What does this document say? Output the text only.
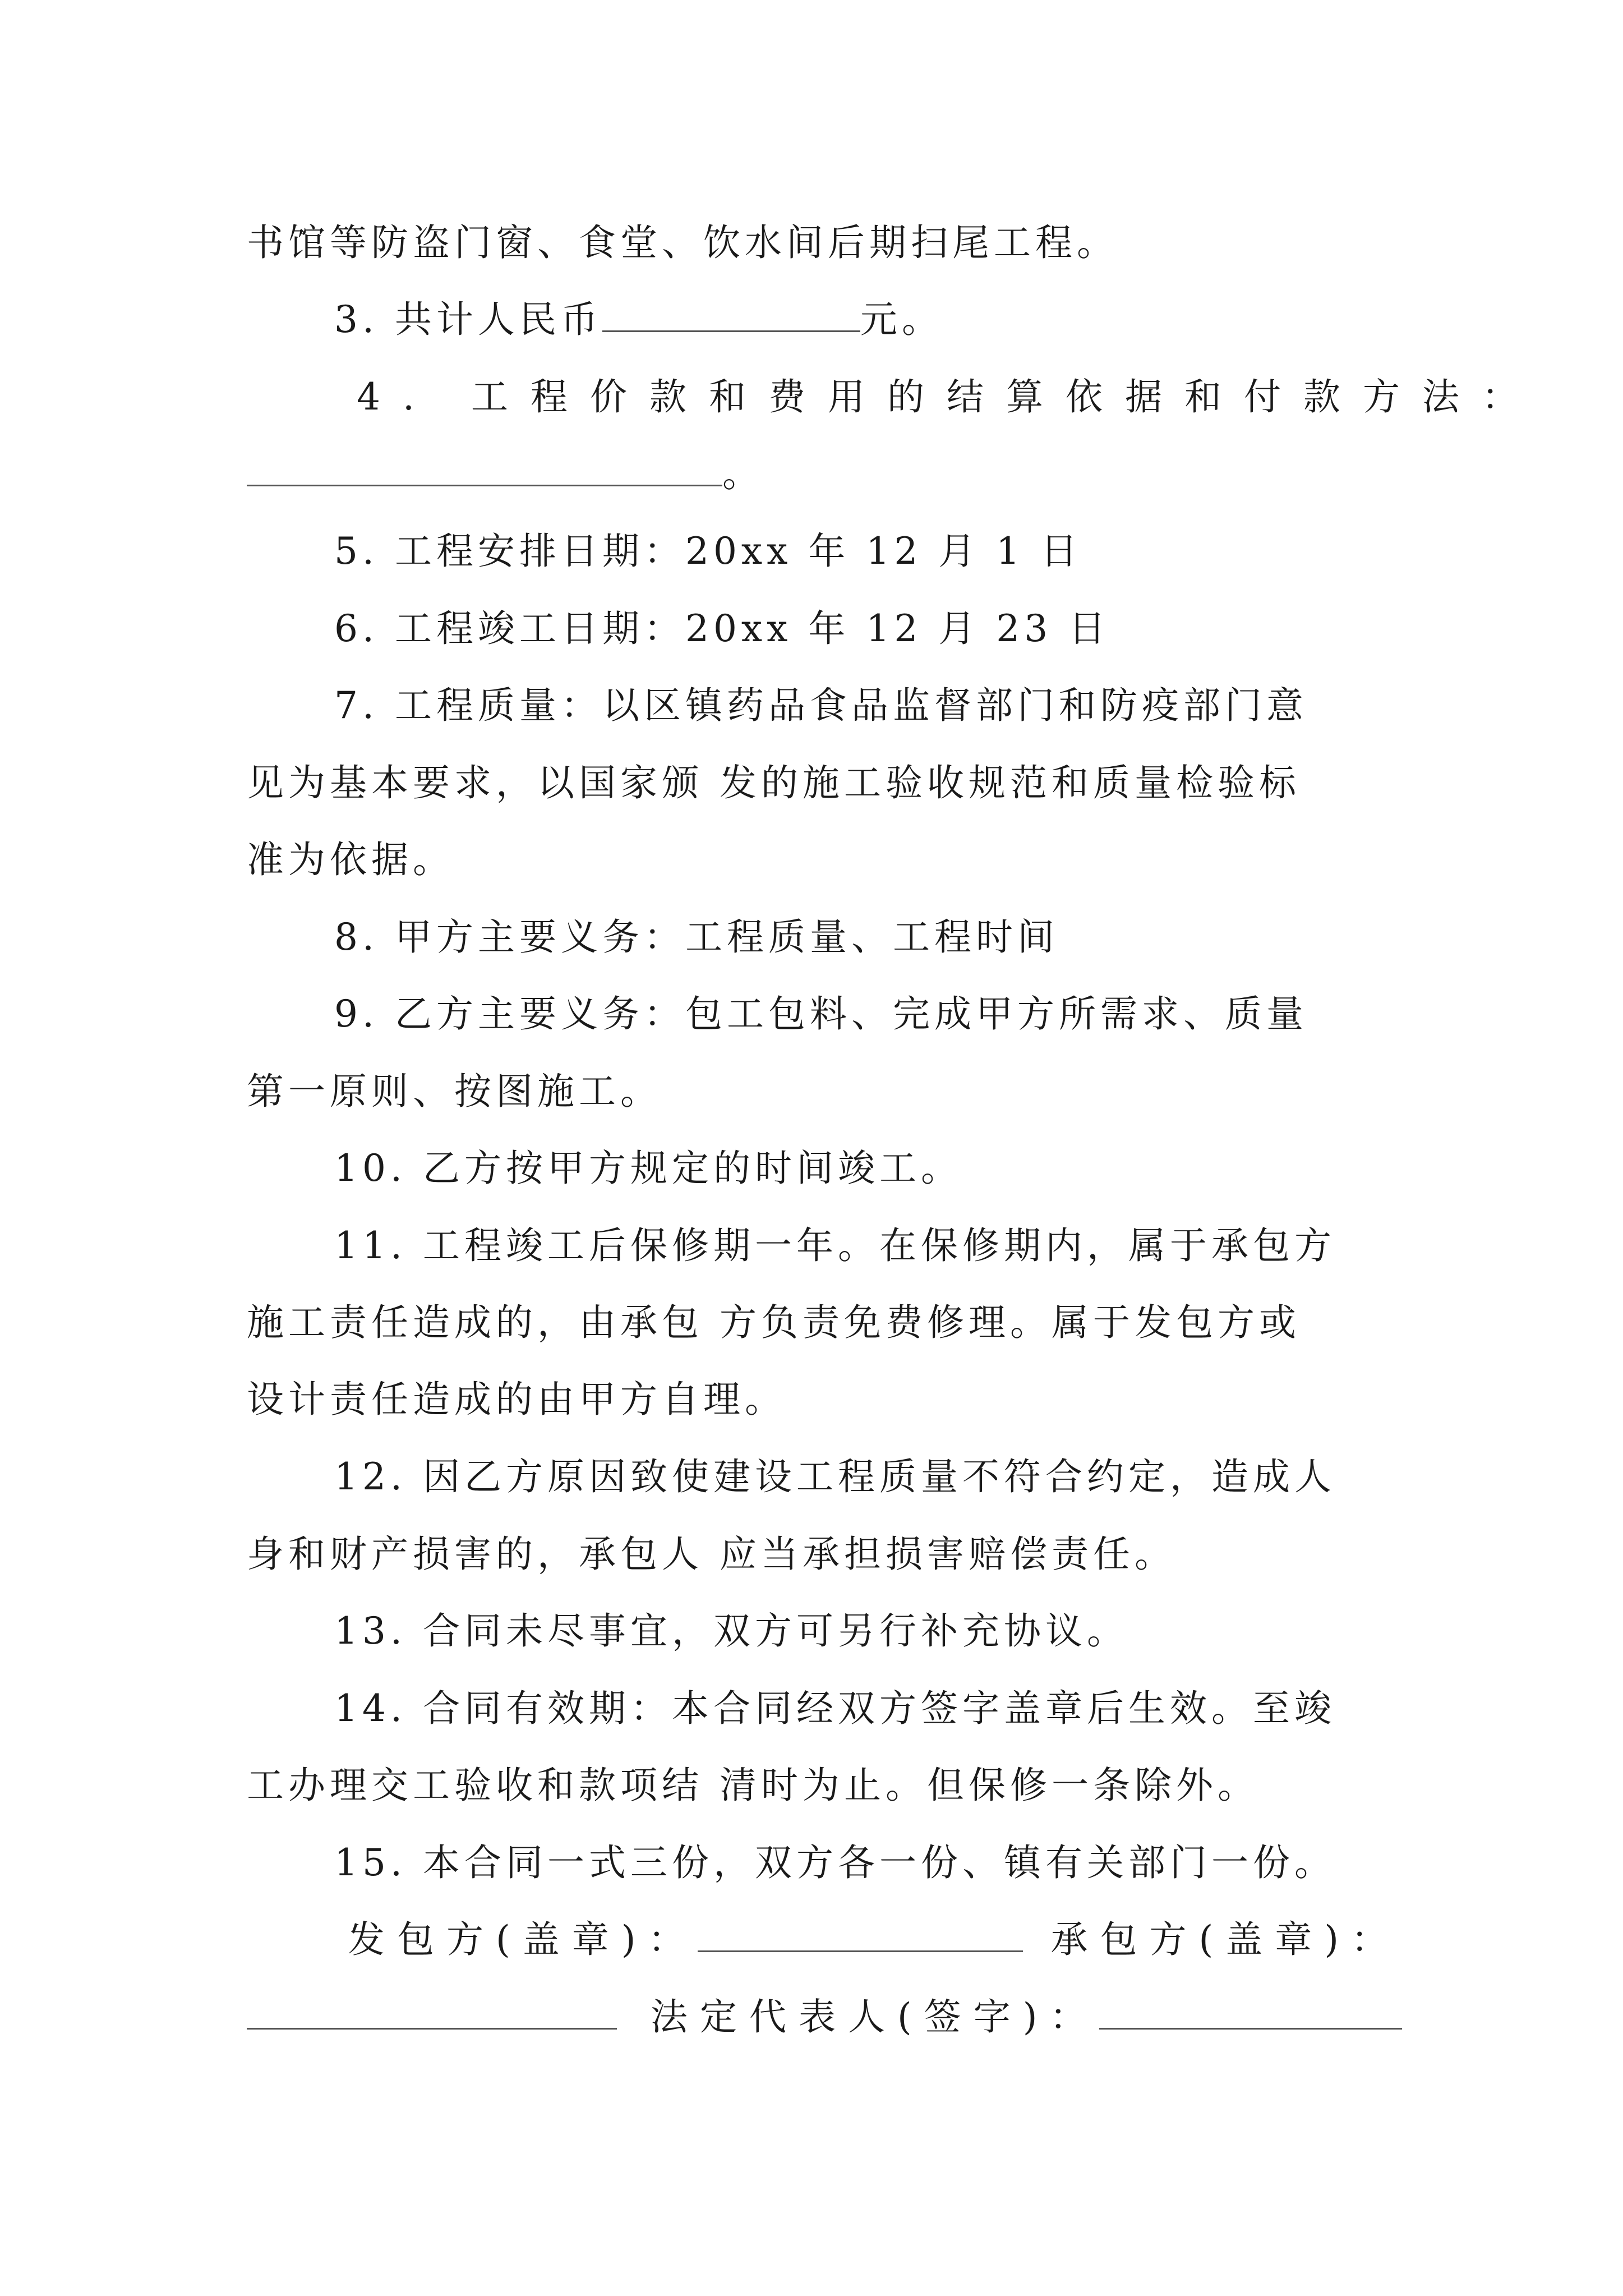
书馆等防盗门窗、食堂、饮水间后期扫尾工程。
3. 共计人民币	元。
4. 工程价款和费用的结算依据和付款方法：
。
5. 工程安排日期：20xx 年 12 月 1 日
6. 工程竣工日期：20xx 年 12 月 23 日
7. 工程质量：以区镇药品食品监督部门和防疫部门意
见为基本要求，以国家颁 发的施工验收规范和质量检验标
准为依据。
8. 甲方主要义务：工程质量、工程时间
9. 乙方主要义务：包工包料、完成甲方所需求、质量
第一原则、按图施工。
10. 乙方按甲方规定的时间竣工。
11. 工程竣工后保修期一年。在保修期内，属于承包方
施工责任造成的，由承包 方负责免费修理。属于发包方或
设计责任造成的由甲方自理。
12. 因乙方原因致使建设工程质量不符合约定，造成人
身和财产损害的，承包人 应当承担损害赔偿责任。
13. 合同未尽事宜，双方可另行补充协议。
14. 合同有效期：本合同经双方签字盖章后生效。至竣
工办理交工验收和款项结 清时为止。但保修一条除外。
15. 本合同一式三份，双方各一份、镇有关部门一份。
发包方(盖章)：	承包方(盖章)：
法定代表人(签字)：
